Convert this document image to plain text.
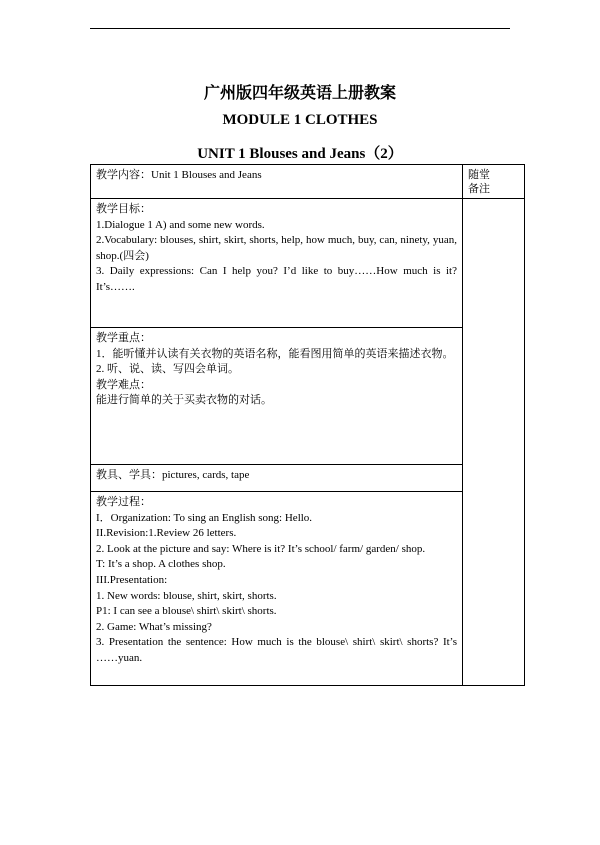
广州版四年级英语上册教案
MODULE 1 CLOTHES
UNIT 1 Blouses and Jeans（2）

教学内容：Unit 1 Blouses and Jeans

教学目标：

1.Dialogue 1 A) and some new words.

2.Vocabulary: blouses, shirt, skirt, shorts, help, how much, buy, can, ninety, yuan, shop.(四会)

3. Daily expressions: Can I help you? I’d like to buy……How much is it? It’s…….

教学重点：

1．能听懂并认读有关衣物的英语名称，能看图用简单的英语来描述衣物。

2. 听、说、读、写四会单词。

教学难点：

能进行简单的关于买卖衣物的对话。

教具、学具：pictures, cards, tape

教学过程：

I．Organization: To sing an English song: Hello.

II.Revision:1.Review 26 letters.

2. Look at the picture and say: Where is it? It’s school/ farm/ garden/ shop.

T: It’s a shop. A clothes shop.

III.Presentation:

1. New words: blouse, shirt, skirt, shorts.

P1: I can see a blouse\ shirt\ skirt\ shorts.

2. Game: What’s missing?

3. Presentation the sentence: How much is the blouse\ shirt\ skirt\ shorts? It’s ……yuan.

随堂
备注
